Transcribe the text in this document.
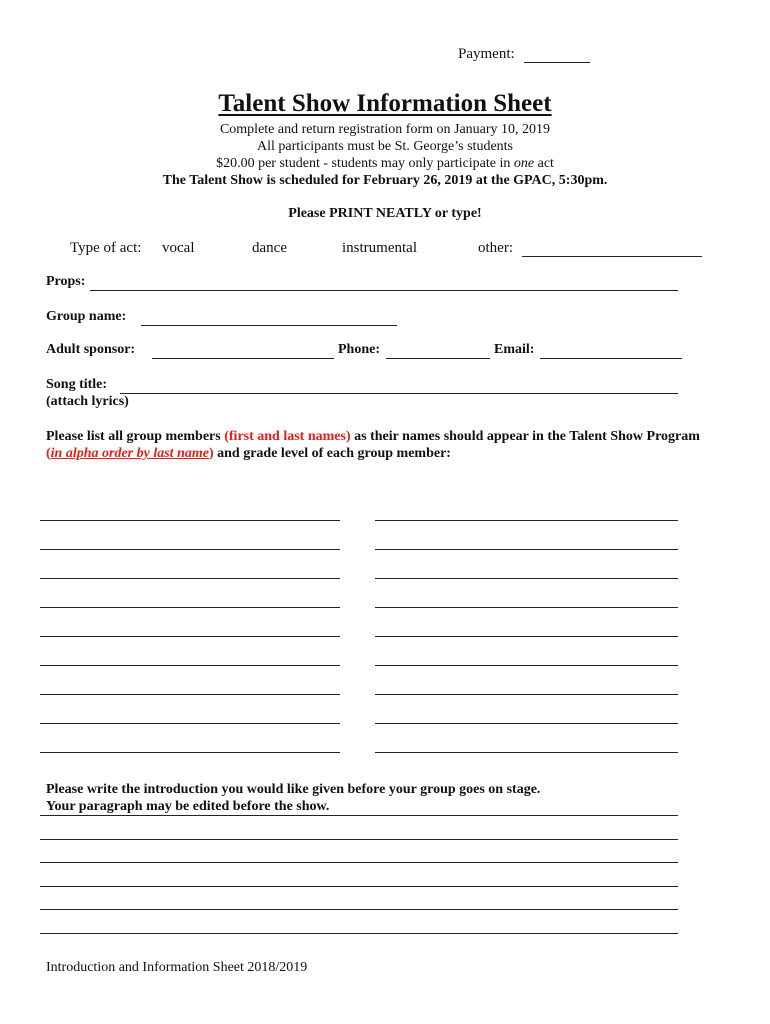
Payment:
Talent Show Information Sheet
Complete and return registration form on January 10, 2019
All participants must be St. George’s students
$20.00 per student - students may only participate in one act
The Talent Show is scheduled for February 26, 2019 at the GPAC, 5:30pm.
Please PRINT NEATLY or type!
Type of act: vocal	dance	instrumental	other:
Props:
Group name:
Adult sponsor:	Phone:	Email:
Song title:
(attach lyrics)
Please list all group members (first and last names) as their names should appear in the Talent Show Program (in alpha order by last name) and grade level of each group member:
Please write the introduction you would like given before your group goes on stage.
Your paragraph may be edited before the show.
Introduction and Information Sheet 2018/2019
